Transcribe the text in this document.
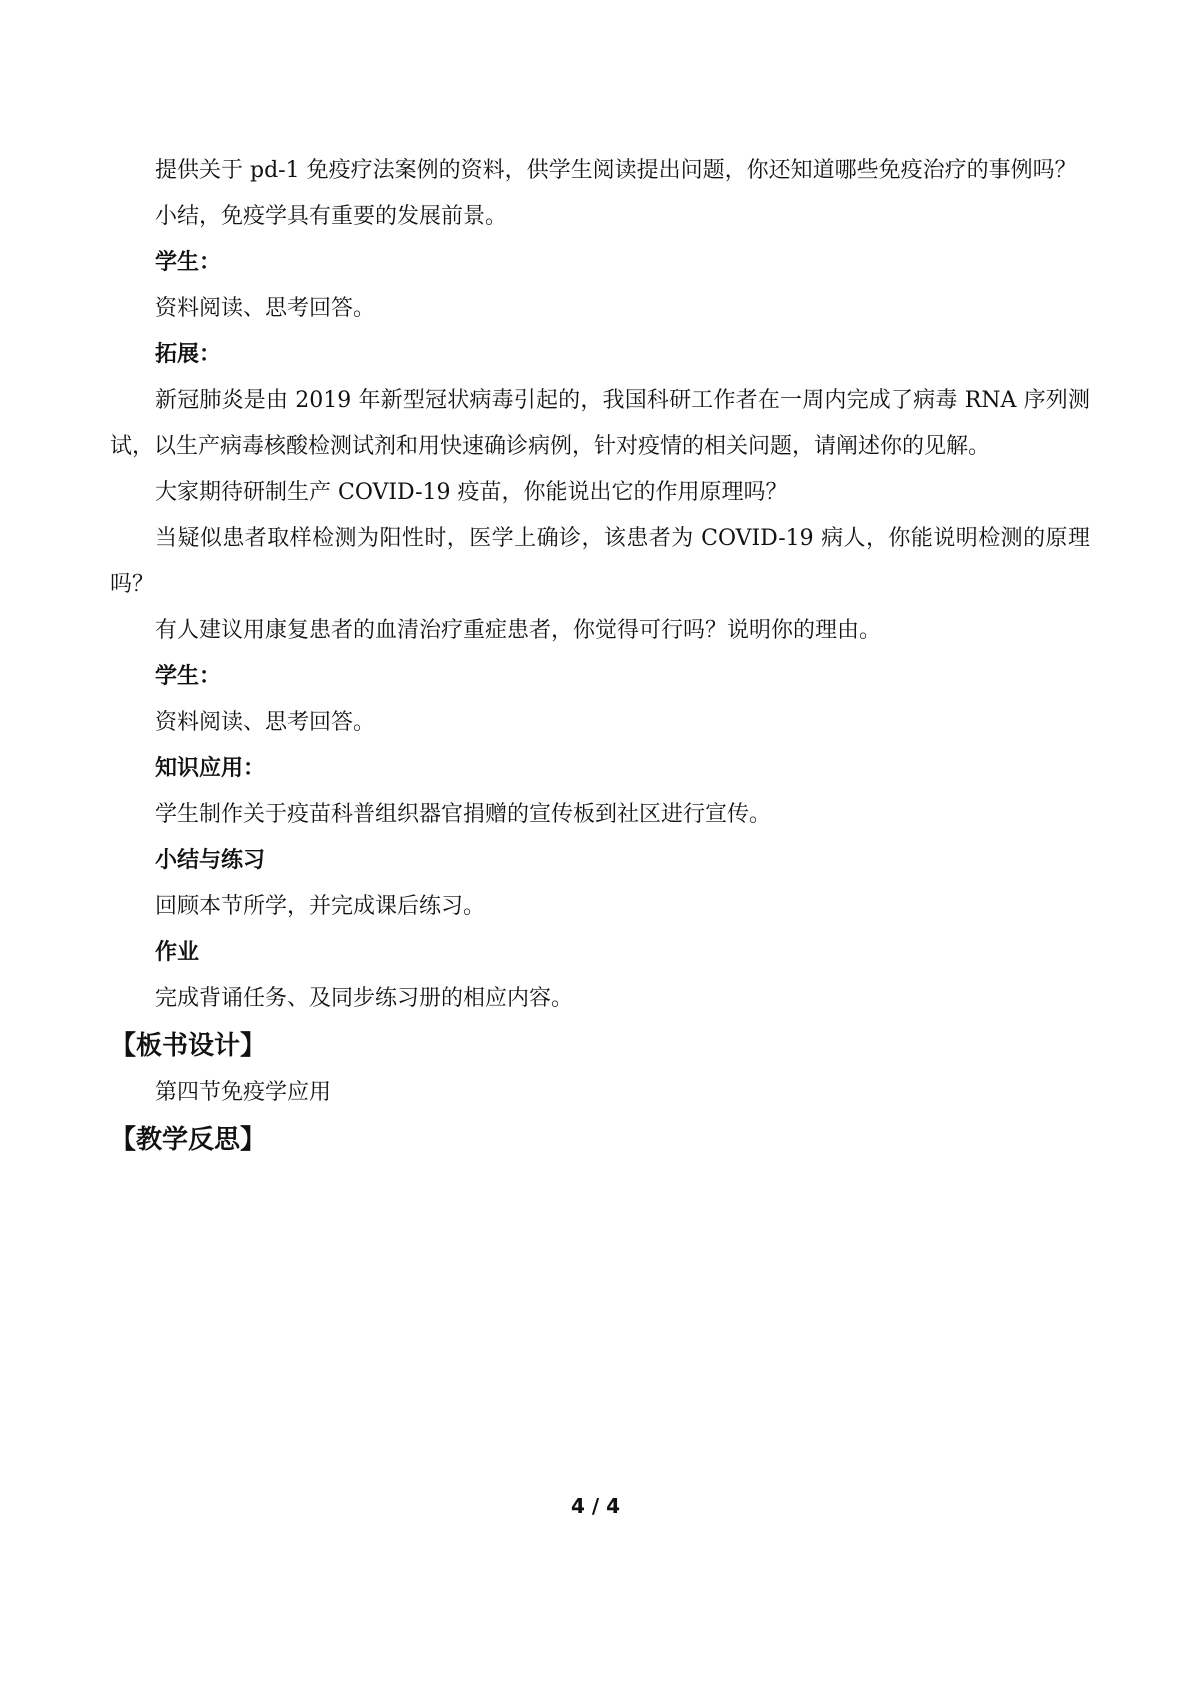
提供关于 pd-1 免疫疗法案例的资料，供学生阅读提出问题，你还知道哪些免疫治疗的事例吗？

小结，免疫学具有重要的发展前景。

学生：

资料阅读、思考回答。

拓展：

新冠肺炎是由 2019 年新型冠状病毒引起的，我国科研工作者在一周内完成了病毒 RNA 序列测试，以生产病毒核酸检测试剂和用快速确诊病例，针对疫情的相关问题，请阐述你的见解。

大家期待研制生产 COVID-19 疫苗，你能说出它的作用原理吗？

当疑似患者取样检测为阳性时，医学上确诊，该患者为 COVID-19 病人，你能说明检测的原理吗？

有人建议用康复患者的血清治疗重症患者，你觉得可行吗？说明你的理由。

学生：

资料阅读、思考回答。

知识应用：

学生制作关于疫苗科普组织器官捐赠的宣传板到社区进行宣传。

小结与练习

回顾本节所学，并完成课后练习。

作业

完成背诵任务、及同步练习册的相应内容。

【板书设计】

第四节免疫学应用

【教学反思】
4 / 4
